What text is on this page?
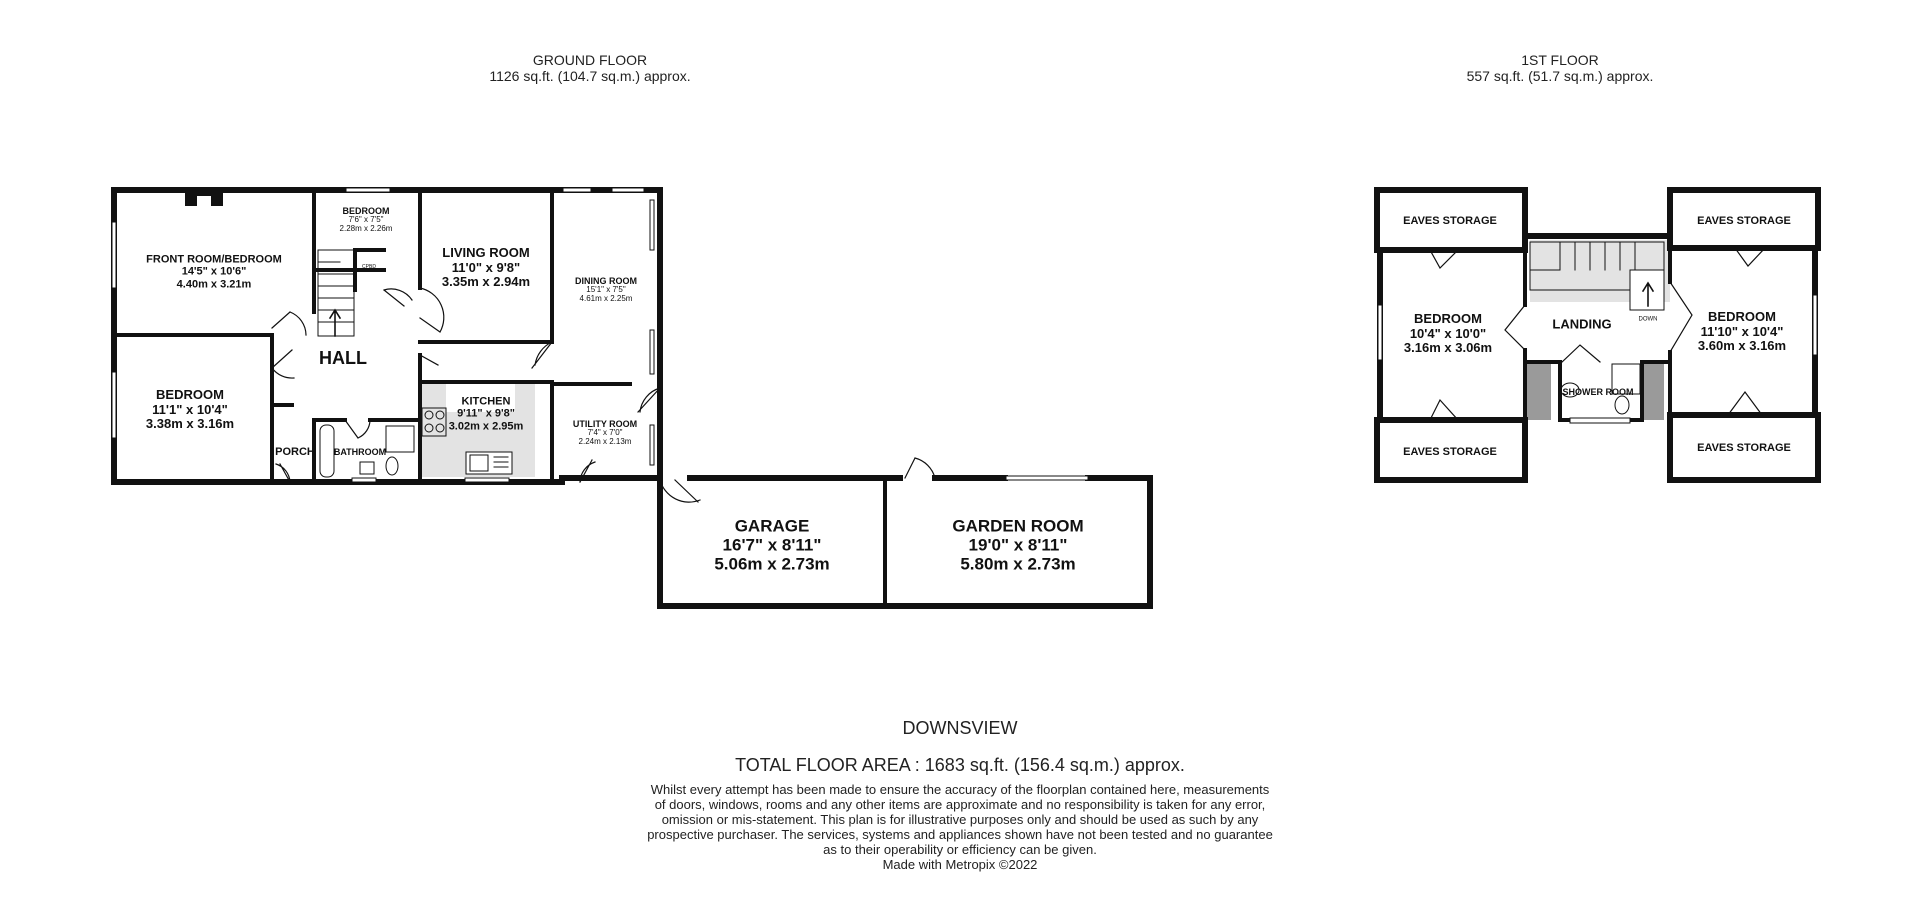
GROUND FLOOR
1126 sq.ft. (104.7 sq.m.) approx.
1ST FLOOR
557 sq.ft. (51.7 sq.m.) approx.
FRONT ROOM/BEDROOM
14'5" x 10'6"
4.40m x 3.21m
BEDROOM
7'6" x 7'5"
2.28m x 2.26m
LIVING ROOM
11'0" x 9'8"
3.35m x 2.94m	DINING ROOM
15'1" x 7'5"
4.61m x 2.25m
BEDROOM
11'1" x 10'4"
3.38m x 3.16m
HALL
KITCHEN
9'11" x 9'8"
3.02m x 2.95m	UTILITY ROOM
7'4" x 7'0"
2.24m x 2.13m
PORCH BATHROOM
CPBD
GARAGE
16'7" x 8'11"
5.06m x 2.73m
GARDEN ROOM
19'0" x 8'11"
5.80m x 2.73m
EAVES STORAGE	EAVES STORAGE
EAVES STORAGE	EAVES STORAGE
BEDROOM
10'4" x 10'0"
3.16m x 3.06m
BEDROOM
11'10" x 10'4"
3.60m x 3.16m
LANDING	DOWN
SHOWER ROOM
DOWNSVIEW
TOTAL FLOOR AREA : 1683 sq.ft. (156.4 sq.m.) approx.
Whilst every attempt has been made to ensure the accuracy of the floorplan contained here, measurements
of doors, windows, rooms and any other items are approximate and no responsibility is taken for any error,
omission or mis-statement. This plan is for illustrative purposes only and should be used as such by any
prospective purchaser. The services, systems and appliances shown have not been tested and no guarantee
as to their operability or efficiency can be given.
Made with Metropix ©2022
